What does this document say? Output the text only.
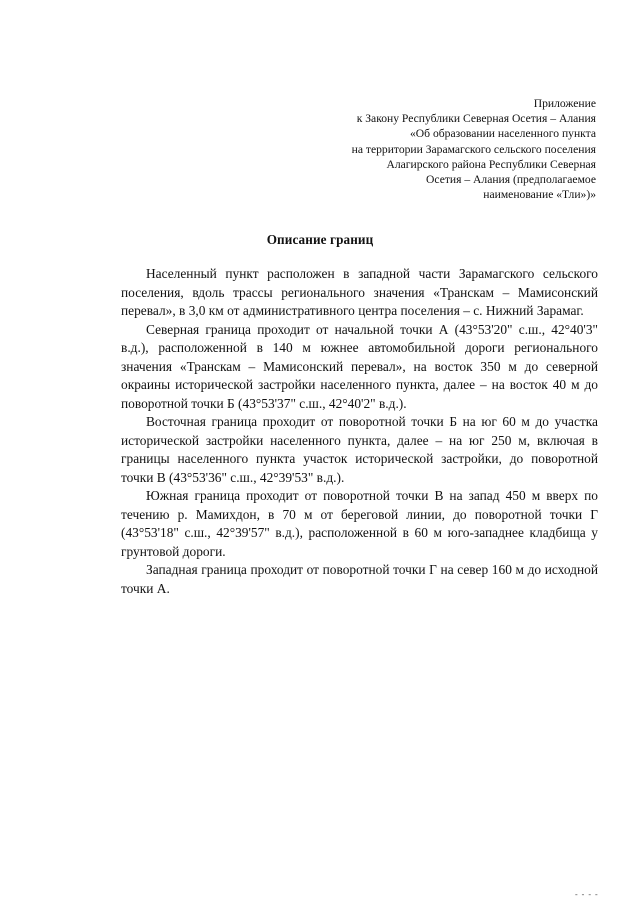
Приложение
к Закону Республики Северная Осетия – Алания
«Об образовании населенного пункта
на территории Зарамагского сельского поселения
Алагирского района Республики Северная
Осетия – Алания (предполагаемое
наименование «Тли»)»
Описание границ

Населенный пункт расположен в западной части Зарамагского сельского поселения, вдоль трассы регионального значения «Транскам – Мамисонский перевал», в 3,0 км от административного центра поселения – с. Нижний Зарамаг.

Северная граница проходит от начальной точки А (43°53'20" с.ш., 42°40'3" в.д.), расположенной в 140 м южнее автомобильной дороги регионального значения «Транскам – Мамисонский перевал», на восток 350 м до северной окраины исторической застройки населенного пункта, далее – на восток 40 м до поворотной точки Б (43°53'37" с.ш., 42°40'2" в.д.).

Восточная граница проходит от поворотной точки Б на юг 60 м до участка исторической застройки населенного пункта, далее – на юг 250 м, включая в границы населенного пункта участок исторической застройки, до поворотной точки В (43°53'36" с.ш., 42°39'53" в.д.).

Южная граница проходит от поворотной точки В на запад 450 м вверх по течению р. Мамихдон, в 70 м от береговой линии, до поворотной точки Г (43°53'18" с.ш., 42°39'57" в.д.), расположенной в 60 м юго-западнее кладбища у грунтовой дороги.

Западная граница проходит от поворотной точки Г на север 160 м до исходной точки А.

- - - -
